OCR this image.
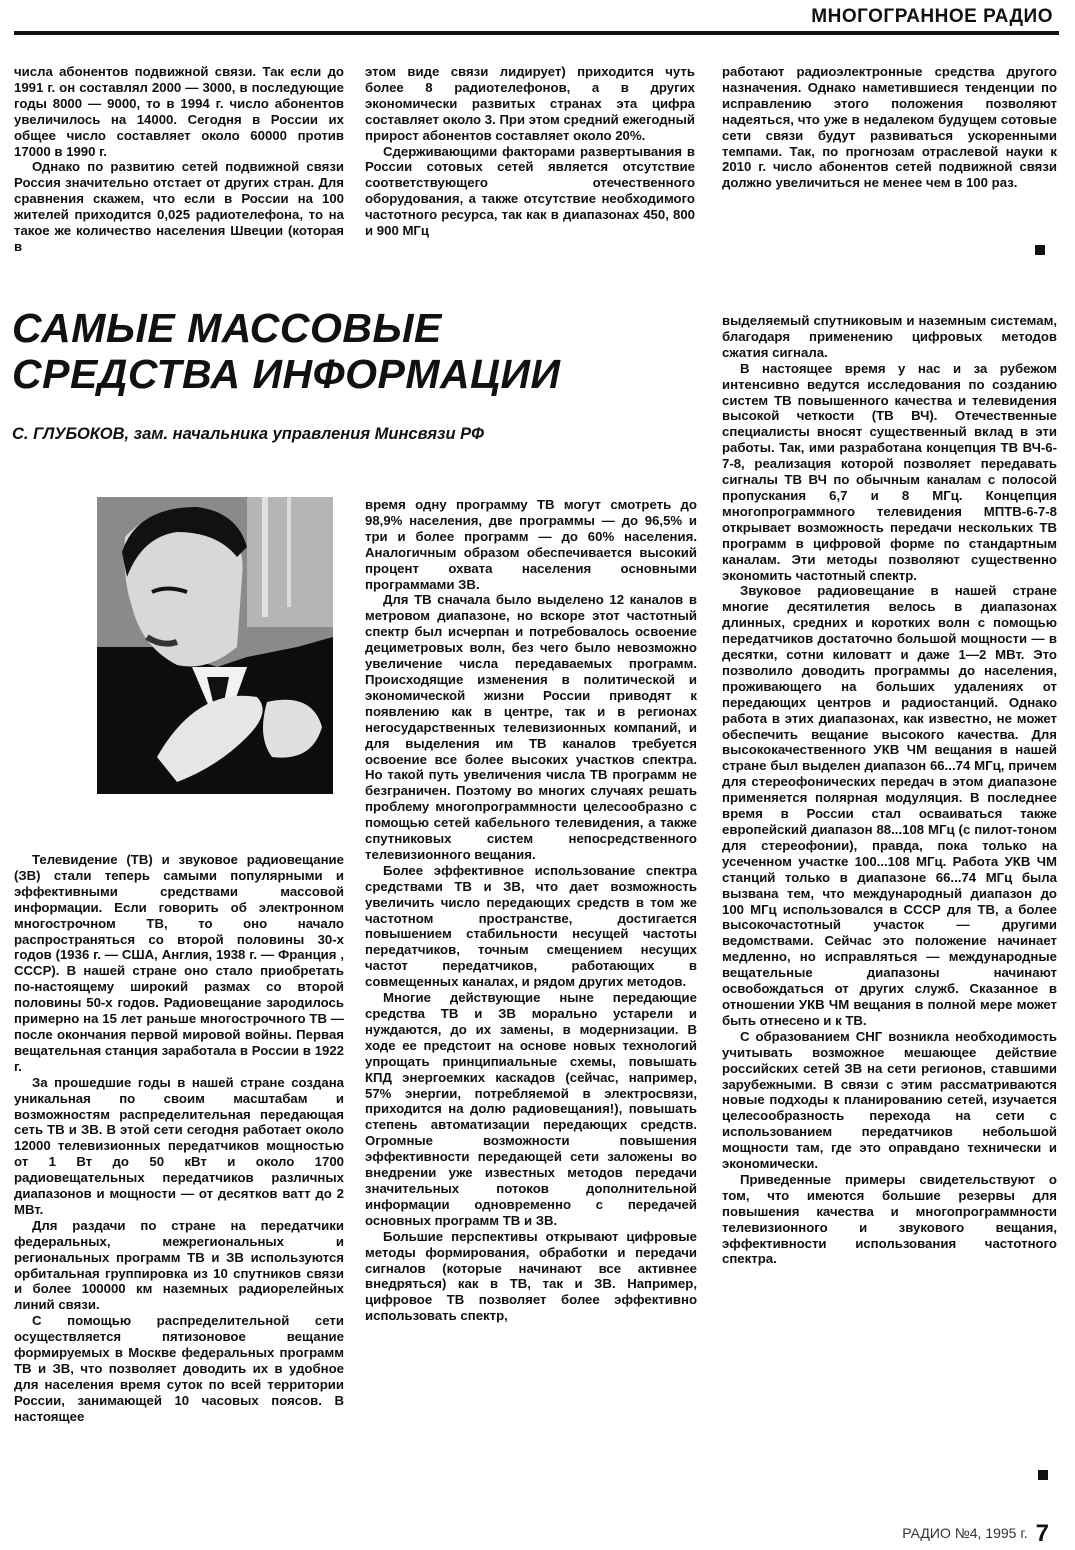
МНОГОГРАННОЕ РАДИО

числа абонентов подвижной связи. Так если до 1991 г. он составлял 2000 — 3000, в последующие годы 8000 — 9000, то в 1994 г. число абонентов увеличилось на 14000. Сегодня в России их общее число составляет около 60000 против 17000 в 1990 г.

Однако по развитию сетей подвижной связи Россия значительно отстает от других стран. Для сравнения скажем, что если в России на 100 жителей приходится 0,025 радиотелефона, то на такое же количество населения Швеции (которая в

этом виде связи лидирует) приходится чуть более 8 радиотелефонов, а в других экономически развитых странах эта цифра составляет около 3. При этом средний ежегодный прирост абонентов составляет около 20%.

Сдерживающими факторами развертывания в России сотовых сетей является отсутствие соответствующего отечественного оборудования, а также отсутствие необходимого частотного ресурса, так как в диапазонах 450, 800 и 900 МГц

работают радиоэлектронные средства другого назначения. Однако наметившиеся тенденции по исправлению этого положения позволяют надеяться, что уже в недалеком будущем сотовые сети связи будут развиваться ускоренными темпами. Так, по прогнозам отраслевой науки к 2010 г. число абонентов сетей подвижной связи должно увеличиться не менее чем в 100 раз.

САМЫЕ МАССОВЫЕ
СРЕДСТВА ИНФОРМАЦИИ
С. ГЛУБОКОВ, зам. начальника управления Минсвязи РФ

Телевидение (ТВ) и звуковое радиовещание (ЗВ) стали теперь самыми популярными и эффективными средствами массовой информации. Если говорить об электронном многострочном ТВ, то оно начало распространяться со второй половины 30-х годов (1936 г. — США, Англия, 1938 г. — Франция , СССР). В нашей стране оно стало приобретать по-настоящему широкий размах со второй половины 50-х годов. Радиовещание зародилось примерно на 15 лет раньше многострочного ТВ — после окончания первой мировой войны. Первая вещательная станция заработала в России в 1922 г.

За прошедшие годы в нашей стране создана уникальная по своим масштабам и возможностям распределительная передающая сеть ТВ и ЗВ. В этой сети сегодня работает около 12000 телевизионных передатчиков мощностью от 1 Вт до 50 кВт и около 1700 радиовещательных передатчиков различных диапазонов и мощности — от десятков ватт до 2 МВт.

Для раздачи по стране на передатчики федеральных, межрегиональных и региональных программ ТВ и ЗВ используются орбитальная группировка из 10 спутников связи и более 100000 км наземных радиорелейных линий связи.

С помощью распределительной сети осуществляется пятизоновое вещание формируемых в Москве федеральных программ ТВ и ЗВ, что позволяет доводить их в удобное для населения время суток по всей территории России, занимающей 10 часовых поясов. В настоящее

время одну программу ТВ могут смотреть до 98,9% населения, две программы — до 96,5% и три и более программ — до 60% населения. Аналогичным образом обеспечивается высокий процент охвата населения основными программами ЗВ.

Для ТВ сначала было выделено 12 каналов в метровом диапазоне, но вскоре этот частотный спектр был исчерпан и потребовалось освоение дециметровых волн, без чего было невозможно увеличение числа передаваемых программ. Происходящие изменения в политической и экономической жизни России приводят к появлению как в центре, так и в регионах негосударственных телевизионных компаний, и для выделения им ТВ каналов требуется освоение все более высоких участков спектра. Но такой путь увеличения числа ТВ программ не безграничен. Поэтому во многих случаях решать проблему многопрограммности целесообразно с помощью сетей кабельного телевидения, а также спутниковых систем непосредственного телевизионного вещания.

Более эффективное использование спектра средствами ТВ и ЗВ, что дает возможность увеличить число передающих средств в том же частотном пространстве, достигается повышением стабильности несущей частоты передатчиков, точным смещением несущих частот передатчиков, работающих в совмещенных каналах, и рядом других методов.

Многие действующие ныне передающие средства ТВ и ЗВ морально устарели и нуждаются, до их замены, в модернизации. В ходе ее предстоит на основе новых технологий упрощать принципиальные схемы, повышать КПД энергоемких каскадов (сейчас, например, 57% энергии, потребляемой в электросвязи, приходится на долю радиовещания!), повышать степень автоматизации передающих средств. Огромные возможности повышения эффективности передающей сети заложены во внедрении уже известных методов передачи значительных потоков дополнительной информации одновременно с передачей основных программ ТВ и ЗВ.

Большие перспективы открывают цифровые методы формирования, обработки и передачи сигналов (которые начинают все активнее внедряться) как в ТВ, так и ЗВ. Например, цифровое ТВ позволяет более эффективно использовать спектр,

выделяемый спутниковым и наземным системам, благодаря применению цифровых методов сжатия сигнала.

В настоящее время у нас и за рубежом интенсивно ведутся исследования по созданию систем ТВ повышенного качества и телевидения высокой четкости (ТВ ВЧ). Отечественные специалисты вносят существенный вклад в эти работы. Так, ими разработана концепция ТВ ВЧ-6-7-8, реализация которой позволяет передавать сигналы ТВ ВЧ по обычным каналам с полосой пропускания 6,7 и 8 МГц. Концепция многопрограммного телевидения МПТВ-6-7-8 открывает возможность передачи нескольких ТВ программ в цифровой форме по стандартным каналам. Эти методы позволяют существенно экономить частотный спектр.

Звуковое радиовещание в нашей стране многие десятилетия велось в диапазонах длинных, средних и коротких волн с помощью передатчиков достаточно большой мощности — в десятки, сотни киловатт и даже 1—2 МВт. Это позволило доводить программы до населения, проживающего на больших удалениях от передающих центров и радиостанций. Однако работа в этих диапазонах, как известно, не может обеспечить вещание высокого качества. Для высококачественного УКВ ЧМ вещания в нашей стране был выделен диапазон 66...74 МГц, причем для стереофонических передач в этом диапазоне применяется полярная модуляция. В последнее время в России стал осваиваться также европейский диапазон 88...108 МГц (с пилот-тоном для стереофонии), правда, пока только на усеченном участке 100...108 МГц. Работа УКВ ЧМ станций только в диапазоне 66...74 МГц была вызвана тем, что международный диапазон до 100 МГц использовался в СССР для ТВ, а более высокочастотный участок — другими ведомствами. Сейчас это положение начинает медленно, но исправляться — международные вещательные диапазоны начинают освобождаться от других служб. Сказанное в отношении УКВ ЧМ вещания в полной мере может быть отнесено и к ТВ.

С образованием СНГ возникла необходимость учитывать возможное мешающее действие российских сетей ЗВ на сети регионов, ставшими зарубежными. В связи с этим рассматриваются новые подходы к планированию сетей, изучается целесообразность перехода на сети с использованием передатчиков небольшой мощности там, где это оправдано технически и экономически.

Приведенные примеры свидетельствуют о том, что имеются большие резервы для повышения качества и многопрограммности телевизионного и звукового вещания, эффективности использования частотного спектра.

РАДИО №4, 1995 г. 7
